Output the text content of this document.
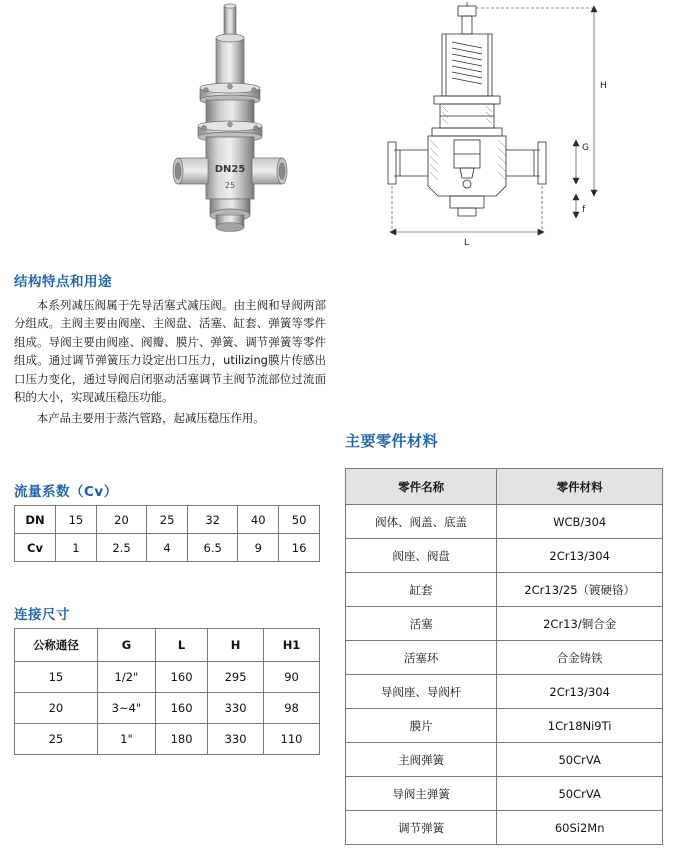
DN25
25
H
G
f
L
结构特点和用途

本系列减压阀属于先导活塞式减压阀。由主阀和导阀两部分组成。主阀主要由阀座、主阀盘、活塞、缸套、弹簧等零件组成。导阀主要由阀座、阀瓣、膜片、弹簧、调节弹簧等零件组成。通过调节弹簧压力设定出口压力，utilizing膜片传感出口压力变化，通过导阀启闭驱动活塞调节主阀节流部位过流面积的大小，实现减压稳压功能。

本产品主要用于蒸汽管路，起减压稳压作用。

流量系数（Cv）
DN	15	20	25	32	40	50
Cv	1	2.5	4	6.5	9	16
连接尺寸
公称通径	G	L	H	H1
15	1/2"	160	295	90
20	3~4"	160	330	98
25	1"	180	330	110
主要零件材料
零件名称	零件材料
阀体、阀盖、底盖	WCB/304
阀座、阀盘	2Cr13/304
缸套	2Cr13/25（镀硬铬）
活塞	2Cr13/铜合金
活塞环	合金铸铁
导阀座、导阀杆	2Cr13/304
膜片	1Cr18Ni9Ti
主阀弹簧	50CrVA
导阀主弹簧	50CrVA
调节弹簧	60Si2Mn
